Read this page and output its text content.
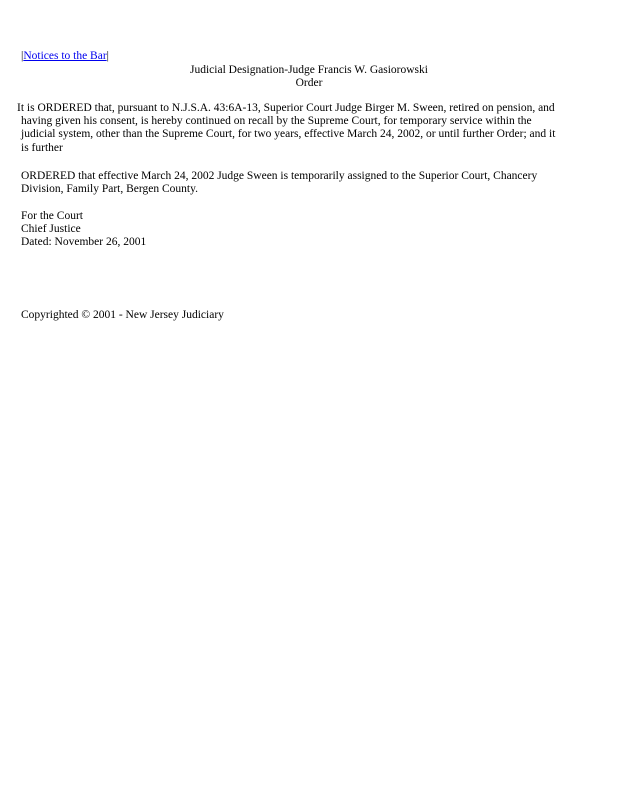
|Notices to the Bar|
Judicial Designation-Judge Francis W. Gasiorowski
Order

It is ORDERED that, pursuant to N.J.S.A. 43:6A-13, Superior Court Judge Birger M. Sween, retired on pension, and
having given his consent, is hereby continued on recall by the Supreme Court, for temporary service within the
judicial system, other than the Supreme Court, for two years, effective March 24, 2002, or until further Order; and it
is further

ORDERED that effective March 24, 2002 Judge Sween is temporarily assigned to the Superior Court, Chancery
Division, Family Part, Bergen County.

For the Court
Chief Justice
Dated: November 26, 2001
Copyrighted © 2001 - New Jersey Judiciary
